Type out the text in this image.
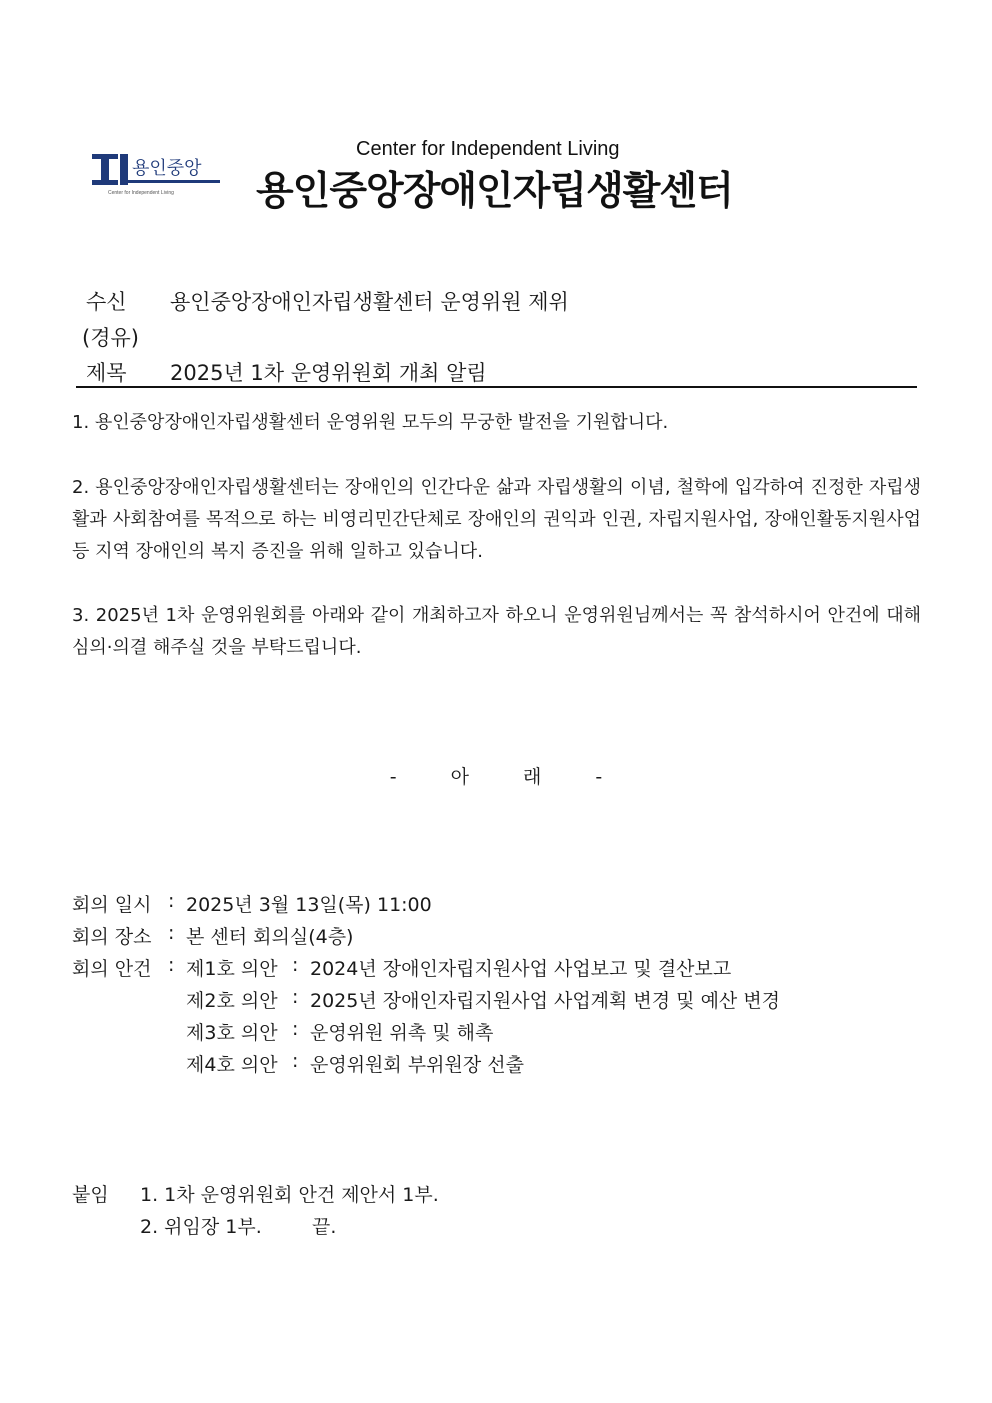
용인중앙
Center for Independent Living
Center for Independent Living
용인중앙장애인자립생활센터
수신 용인중앙장애인자립생활센터 운영위원 제위
(경유)
제목 2025년 1차 운영위원회 개최 알림

1. 용인중앙장애인자립생활센터 운영위원 모두의 무궁한 발전을 기원합니다.

2. 용인중앙장애인자립생활센터는 장애인의 인간다운 삶과 자립생활의 이념, 철학에 입각하여 진정한 자립생활과 사회참여를 목적으로 하는 비영리민간단체로 장애인의 권익과 인권, 자립지원사업, 장애인활동지원사업 등 지역 장애인의 복지 증진을 위해 일하고 있습니다.

3. 2025년 1차 운영위원회를 아래와 같이 개최하고자 하오니 운영위원님께서는 꼭 참석하시어 안건에 대해 심의·의결 해주실 것을 부탁드립니다.

-	아	래	-
회의 일시 : 2025년 3월 13일(목) 11:00
회의 장소 : 본 센터 회의실(4층)
회의 안건 : 제1호 의안 : 2024년 장애인자립지원사업 사업보고 및 결산보고
제2호 의안 : 2025년 장애인자립지원사업 사업계획 변경 및 예산 변경
제3호 의안 : 운영위원 위촉 및 해촉
제4호 의안 : 운영위원회 부위원장 선출
붙임 1. 1차 운영위원회 안건 제안서 1부.
2. 위임장 1부.	끝.
